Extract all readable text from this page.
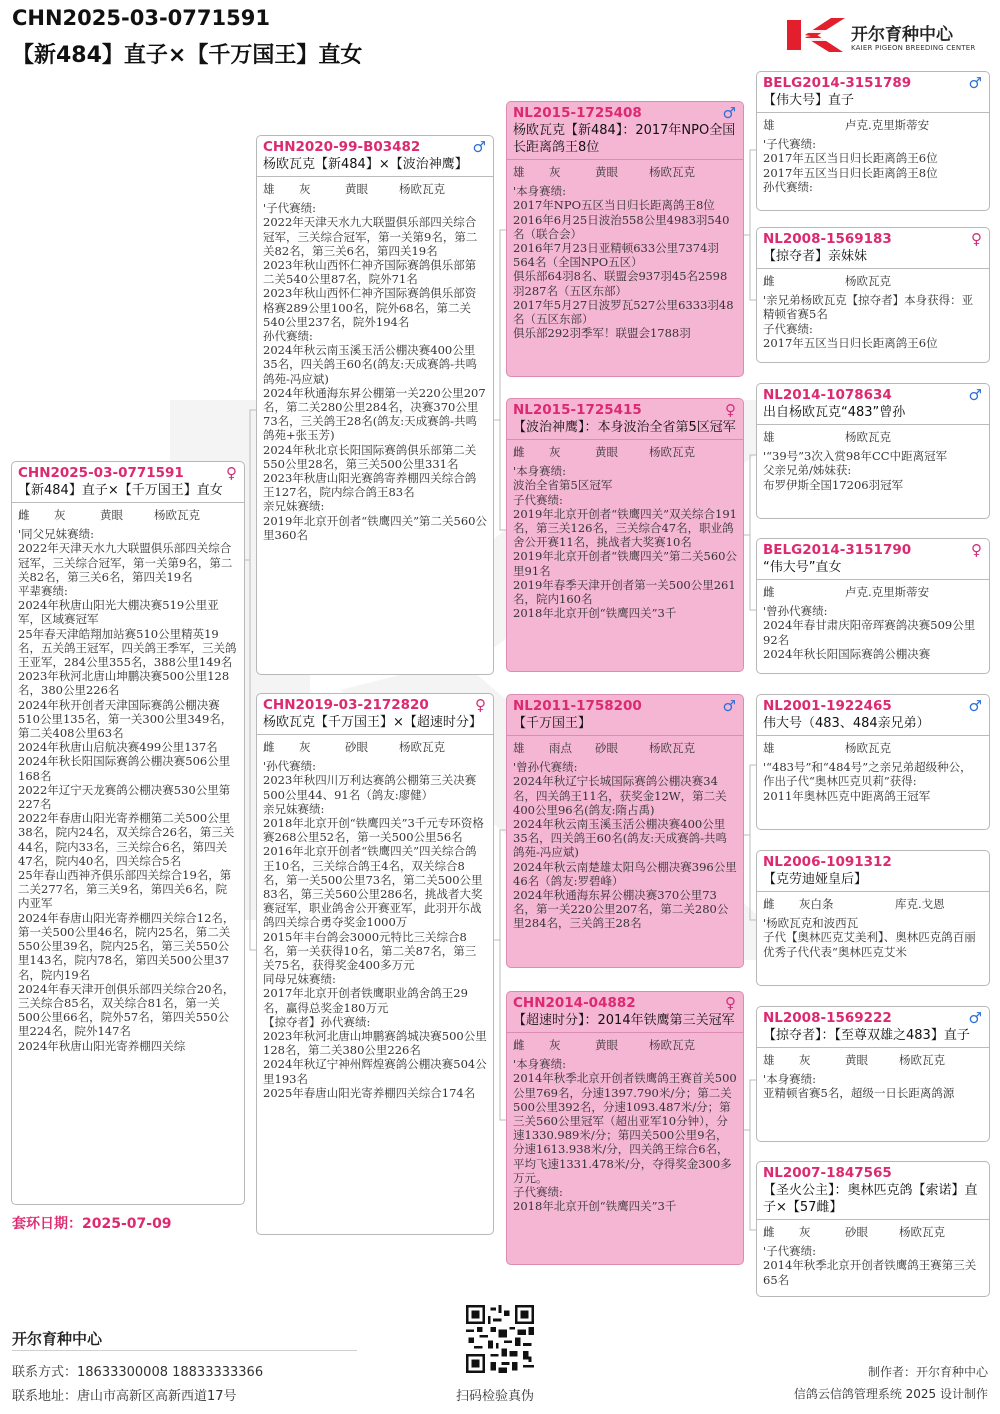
CHN2025-03-0771591
【新484】直子×【千万国王】直女
开尔育种中心
KAIER PIGEON BREEDING CENTER
CHN2025-03-0771591	♀
【新484】直子×【千万国王】直女
雌	灰	黄眼	杨欧瓦克
'同父兄妹赛绩:
2022年天津天水九大联盟俱乐部四关综合冠军，三关综合冠军，第一关第9名，第二关82名，第三关6名，第四关19名
平辈赛绩:
2024年秋唐山阳光大棚决赛519公里亚军，区域赛冠军
25年春天津皓翔加站赛510公里精英19名，五关鸽王冠军，四关鸽王季军，三关鸽王亚军，284公里355名，388公里149名
2023年秋河北唐山坤鹏决赛500公里128名，380公里226名
2024年秋开创者天津国际赛鸽公棚决赛510公里135名，第一关300公里349名，第二关408公里63名
2024年秋唐山启航决赛499公里137名
2024年秋长阳国际赛鸽公棚决赛506公里168名
2022年辽宁天龙赛鸽公棚决赛530公里第227名
2022年春唐山阳光寄养棚第二关500公里38名，院内24名，双关综合26名，第三关44名，院内33名，三关综合6名，第四关47名，院内40名，四关综合5名
25年春山西神齐俱乐部四关综合19名，第二关277名，第三关9名，第四关6名，院内亚军
2024年春唐山阳光寄养棚四关综合12名，第一关500公里46名，院内25名，第二关550公里39名，院内25名，第三关550公里143名，院内78名，第四关500公里37名，院内19名
2024年春天津开创俱乐部四关综合20名，三关综合85名，双关综合81名，第一关500公里66名，院外57名，第四关550公里224名，院外147名
2024年秋唐山阳光寄养棚四关综
套环日期：2025-07-09
CHN2020-99-B03482	♂
杨欧瓦克【新484】×【波治神鹰】
雄	灰	黄眼	杨欧瓦克
'子代赛绩:
2022年天津天水九大联盟俱乐部四关综合冠军，三关综合冠军，第一关第9名，第二关82名，第三关6名，第四关19名
2023年秋山西怀仁神齐国际赛鸽俱乐部第二关540公里87名，院外71名
2023年秋山西怀仁神齐国际赛鸽俱乐部资格赛289公里100名，院外68名，第二关540公里237名，院外194名
孙代赛绩:
2024年秋云南玉溪玉活公棚决赛400公里35名，四关鸽王60名(鸽友:天成赛鸽-共鸣鸽苑-冯应斌)
2024年秋通海东昇公棚第一关220公里207名，第二关280公里284名，决赛370公里73名，三关鸽王28名(鸽友:天成赛鸽-共鸣鸽苑+张玉芳)
2024年秋北京长阳国际赛鸽俱乐部第二关550公里28名，第三关500公里331名
2023年秋唐山阳光赛鸽寄养棚四关综合鸽王127名，院内综合鸽王83名
亲兄妹赛绩:
2019年北京开创者“铁鹰四关”第二关560公里360名
CHN2019-03-2172820	♀
杨欧瓦克【千万国王】×【超速时分】
雌	灰	砂眼	杨欧瓦克
'孙代赛绩:
2023年秋四川万利达赛鸽公棚第三关决赛500公里44、91名（鸽友:廖健）
亲兄妹赛绩:
2018年北京开创“铁鹰四关”3千元专环资格赛268公里52名，第一关500公里56名
2016年北京开创者“铁鹰四关”四关综合鸽王10名，三关综合鸽王4名，双关综合8名，第一关500公里73名，第二关500公里83名，第三关560公里286名，挑战者大奖赛冠军，职业鸽舍公开赛亚军，此羽开尓战鸽四关综合勇夺奖金1000万
2015年丰台鸽会3000元特比三关综合8名，第一关获得10名，第二关87名，第三关75名，获得奖金400多万元
同母兄妹赛绩:
2017年北京开创者铁鹰职业鸽舍鸽王29名，赢得总奖金180万元
【掠夺者】孙代赛绩:
2023年秋河北唐山坤鹏赛鸽城决赛500公里128名，第二关380公里226名
2024年秋辽宁神州辉煌赛鸽公棚决赛504公里193名
2025年春唐山阳光寄养棚四关综合174名
NL2015-1725408	♂
杨欧瓦克【新484】：2017年NPO全国长距离鸽王8位
雄	灰	黄眼	杨欧瓦克
'本身赛绩:
2017年NPO五区当日归长距离鸽王8位
2016年6月25日波治558公里4983羽540名（联合会）
2016年7月23日亚精顿633公里7374羽564名（全国NPO五区）
俱乐部64羽8名、联盟会937羽45名2598羽287名（五区东部）
2017年5月27日波罗瓦527公里6333羽48名（五区东部）
俱乐部292羽季军！联盟会1788羽
NL2015-1725415	♀
【波治神鹰】：本身波治全省第5区冠军
雌	灰	黄眼	杨欧瓦克
'本身赛绩:
波治全省第5区冠军
子代赛绩:
2019年北京开创者“铁鹰四关”双关综合191名，第三关126名，三关综合47名，职业鸽舍公开赛11名，挑战者大奖赛10名
2019年北京开创者“铁鹰四关”第二关560公里91名
2019年春季天津开创者第一关500公里261名，院内160名
2018年北京开创“铁鹰四关”3千
NL2011-1758200	♂
【千万国王】
雄	雨点	砂眼	杨欧瓦克
'曾孙代赛绩:
2024年秋辽宁长城国际赛鸽公棚决赛34名，四关鸽王11名，获奖金12W，第二关400公里96名(鸽友:隋占禹)
2024年秋云南玉溪玉活公棚决赛400公里35名，四关鸽王60名(鸽友:天成赛鸽-共鸣鸽苑-冯应斌)
2024年秋云南楚雄太阳鸟公棚决赛396公里46名（鸽友:罗碧峰）
2024年秋通海东昇公棚决赛370公里73名，第一关220公里207名，第二关280公里284名，三关鸽王28名
CHN2014-04882	♀
【超速时分】：2014年铁鹰第三关冠军
雌	灰	黄眼	杨欧瓦克
'本身赛绩:
2014年秋季北京开创者铁鹰鸽王赛首关500公里769名，分速1397.790米/分；第二关500公里392名，分速1093.487米/分；第三关560公里冠军（超出亚军10分钟），分速1330.989米/分；第四关500公里9名，分速1613.938米/分，四关鸽王综合6名，平均飞速1331.478米/分，夺得奖金300多万元。
子代赛绩:
2018年北京开创“铁鹰四关”3千
BELG2014-3151789	♂
【伟大号】直子
雄	卢克.克里斯蒂安
'子代赛绩:
2017年五区当日归长距离鸽王6位
2017年五区当日归长距离鸽王8位
孙代赛绩:
NL2008-1569183	♀
【掠夺者】亲妹妹
雌	杨欧瓦克
'亲兄弟杨欧瓦克【掠夺者】本身获得：亚精顿省赛5名
子代赛绩:
2017年五区当日归长距离鸽王6位
NL2014-1078634	♂
出自杨欧瓦克“483”曾孙
雄	杨欧瓦克
'“39号”3次入赏98年CC中距离冠军
父亲兄弟/姊妹获:
布罗伊斯全国17206羽冠军
BELG2014-3151790	♀
“伟大号”直女
雌	卢克.克里斯蒂安
'曾孙代赛绩:
2024年春甘肃庆阳帝珲赛鸽决赛509公里92名
2024年秋长阳国际赛鸽公棚决赛
NL2001-1922465	♂
伟大号（483、484亲兄弟）
雄	杨欧瓦克
'“483号”和“484号”之亲兄弟超级种公，作出子代“奥林匹克贝莉”获得:
2011年奥林匹克中距离鸽王冠军
NL2006-1091312
【克劳迪娅皇后】
雌	灰白条	库克.戈恩
'杨欧瓦克和波西瓦
子代【奥林匹克艾美利】、奥林匹克鸽百丽
优秀子代代表“奥林匹克艾米
NL2008-1569222	♂
【掠夺者】：【至尊双雄之483】直子
雄	灰	黄眼	杨欧瓦克
'本身赛绩:
亚精顿省赛5名，超级一日长距离鸽源
NL2007-1847565
【圣火公主】：奥林匹克鸽【索诺】直子×【57雌】
雌	灰	砂眼	杨欧瓦克
'子代赛绩:
2014年秋季北京开创者铁鹰鸽王赛第三关65名
开尔育种中心
联系方式：18633300008 18833333366
联系地址：唐山市高新区高新西道17号	扫码检验真伪
制作者：开尔育种中心
信鸽云信鸽管理系统 2025 设计制作
